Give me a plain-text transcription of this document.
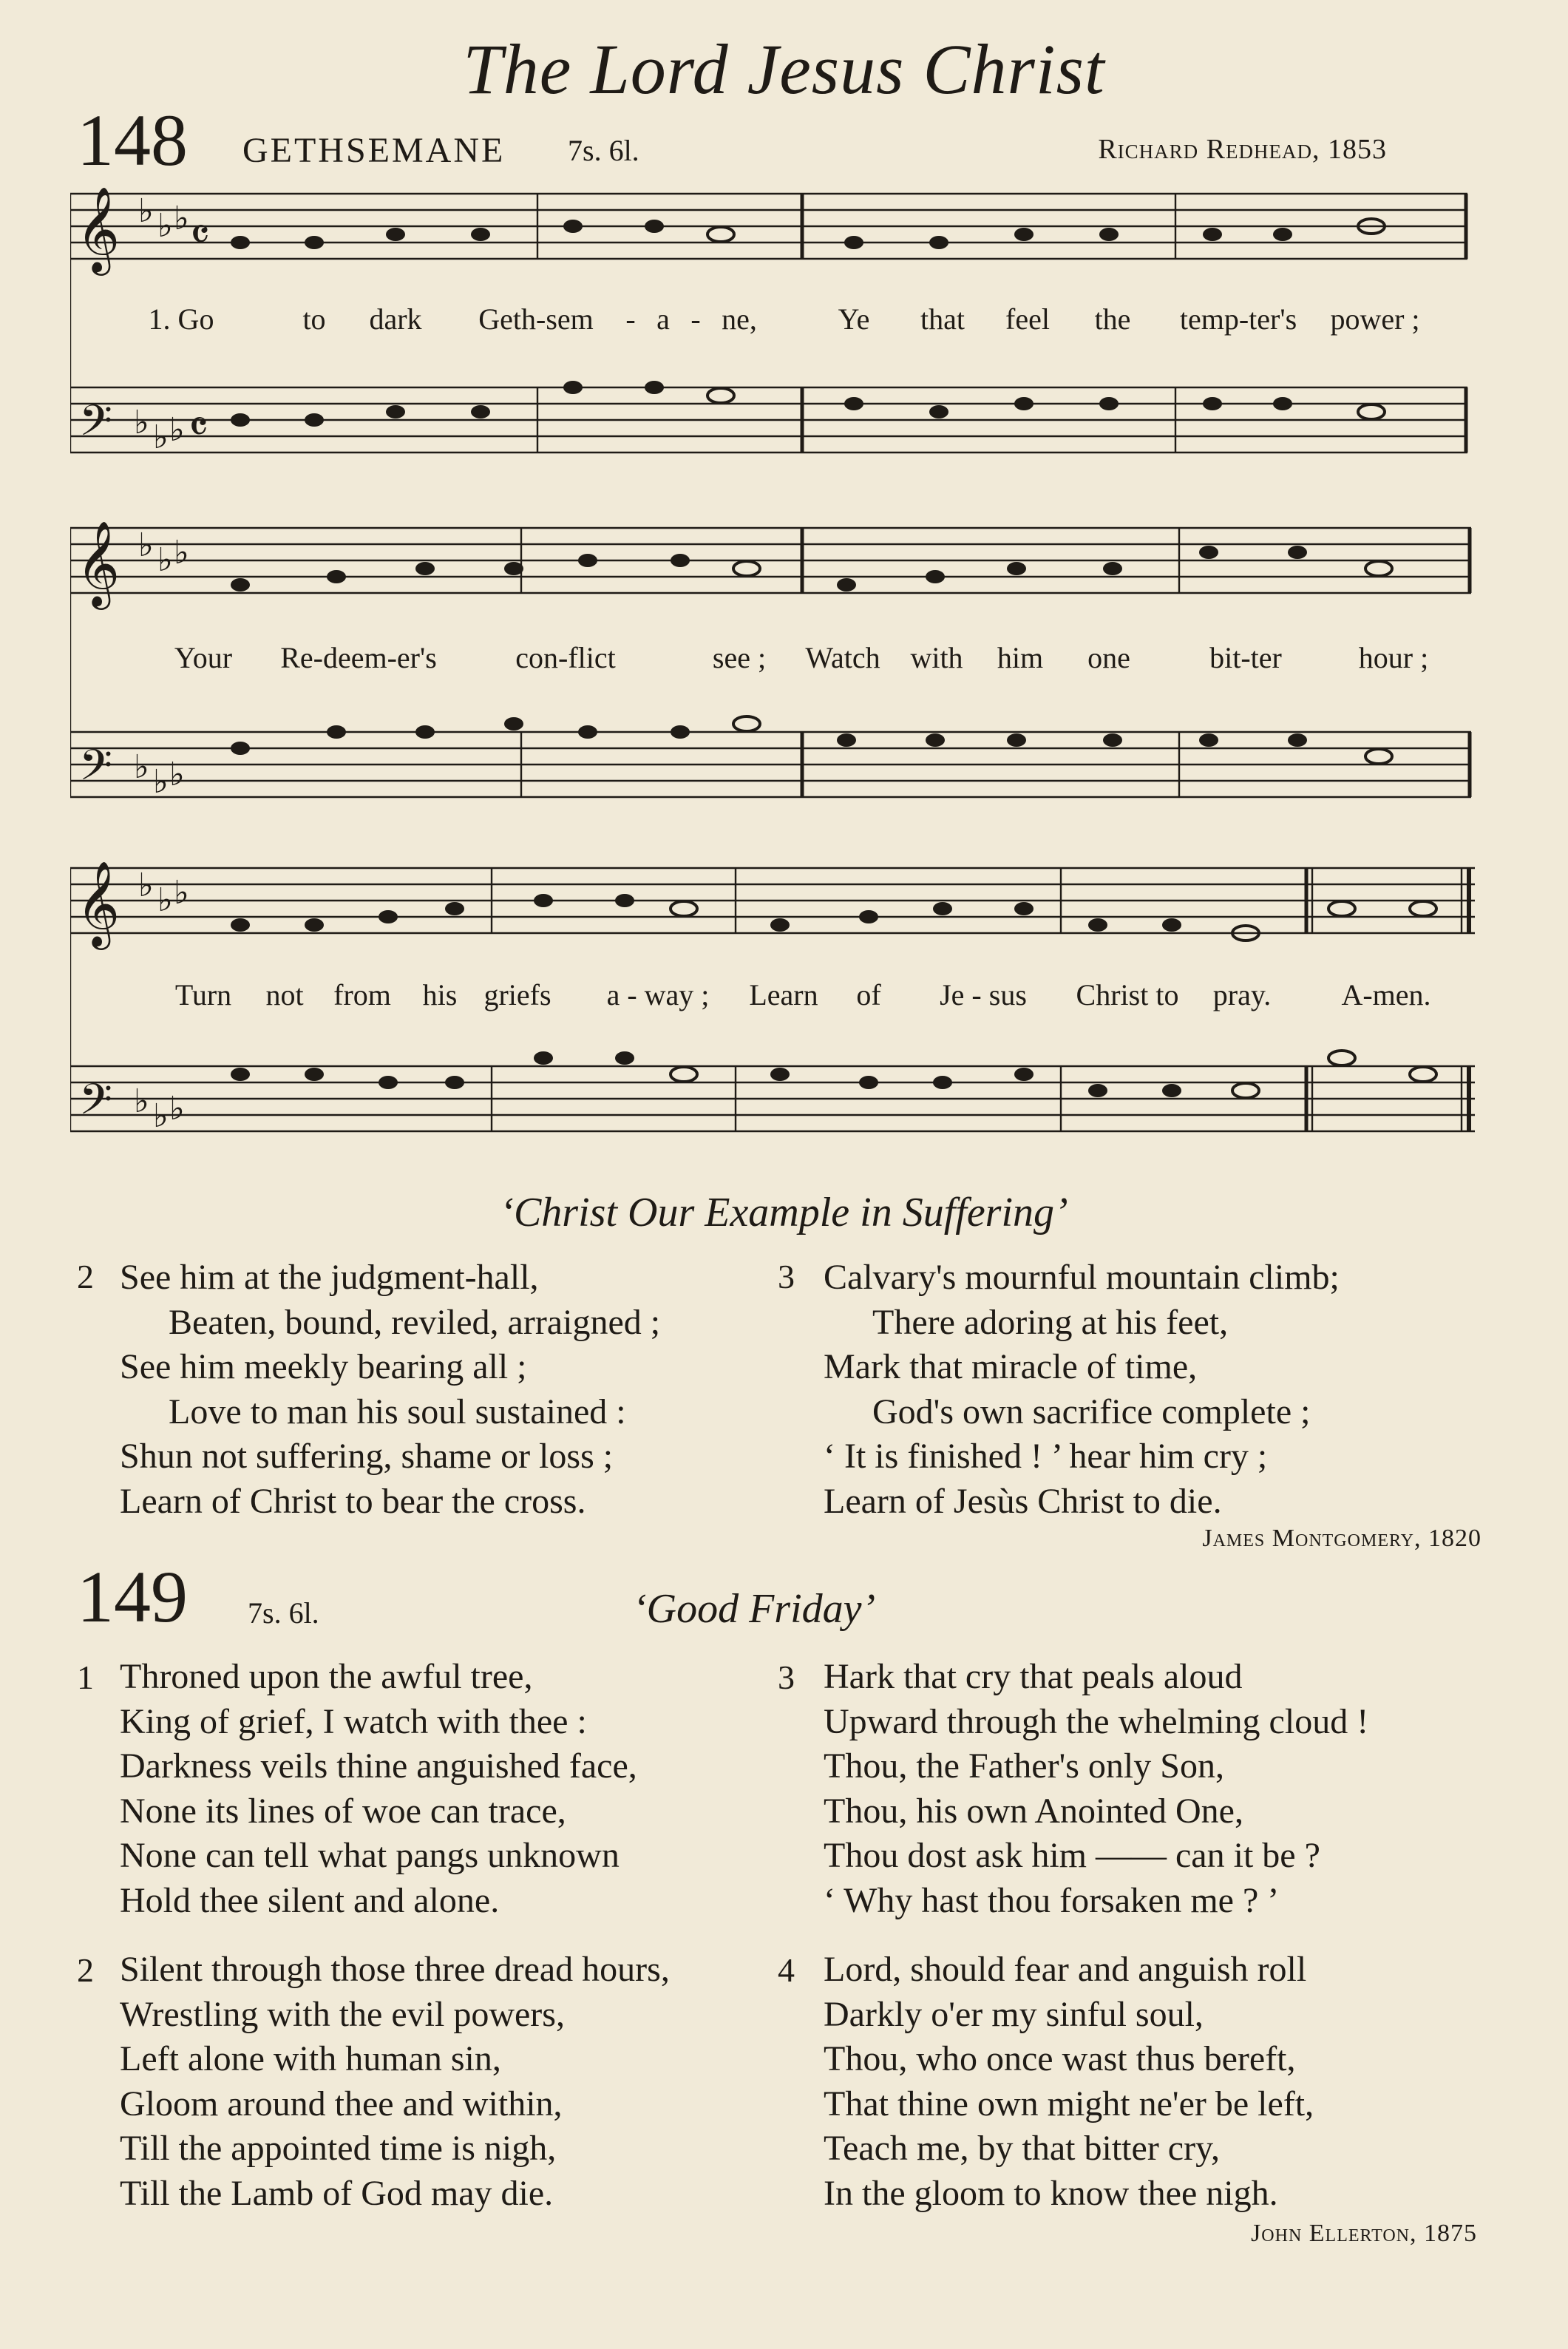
The Lord Jesus Christ
148 GETHSEMANE 7s. 6l.	Richard Redhead, 1853
𝄞
𝄢
♭ ♭ ♭
♭ ♭ ♭
𝄴
𝄴
1. Go	to dark Geth-sem - a - ne,	Ye that feel the temp-ter's power ;
𝄞
𝄢
♭ ♭ ♭
♭ ♭ ♭
Your Re-deem-er's	con-flict	see ; Watch with him one	bit-ter	hour ;
𝄞
𝄢
♭ ♭ ♭
♭ ♭ ♭
Turn not from his griefs a - way ; Learn of Je - sus Christ to pray. A-men.
‘Christ Our Example in Suffering’
2 See him at the judgment-hall,
Beaten, bound, reviled, arraigned ;
See him meekly bearing all ;
Love to man his soul sustained :
Shun not suffering, shame or loss ;
Learn of Christ to bear the cross.
3 Calvary's mournful mountain climb;
There adoring at his feet,
Mark that miracle of time,
God's own sacrifice complete ;
‘ It is finished ! ’ hear him cry ;
Learn of Jesùs Christ to die.
James Montgomery, 1820
149 7s. 6l.	‘Good Friday’
1 Throned upon the awful tree,
King of grief, I watch with thee :
Darkness veils thine anguished face,
None its lines of woe can trace,
None can tell what pangs unknown
Hold thee silent and alone.
3 Hark that cry that peals aloud
Upward through the whelming cloud !
Thou, the Father's only Son,
Thou, his own Anointed One,
Thou dost ask him —— can it be ?
‘ Why hast thou forsaken me ? ’
2 Silent through those three dread hours,
Wrestling with the evil powers,
Left alone with human sin,
Gloom around thee and within,
Till the appointed time is nigh,
Till the Lamb of God may die.
4 Lord, should fear and anguish roll
Darkly o'er my sinful soul,
Thou, who once wast thus bereft,
That thine own might ne'er be left,
Teach me, by that bitter cry,
In the gloom to know thee nigh.
John Ellerton, 1875
